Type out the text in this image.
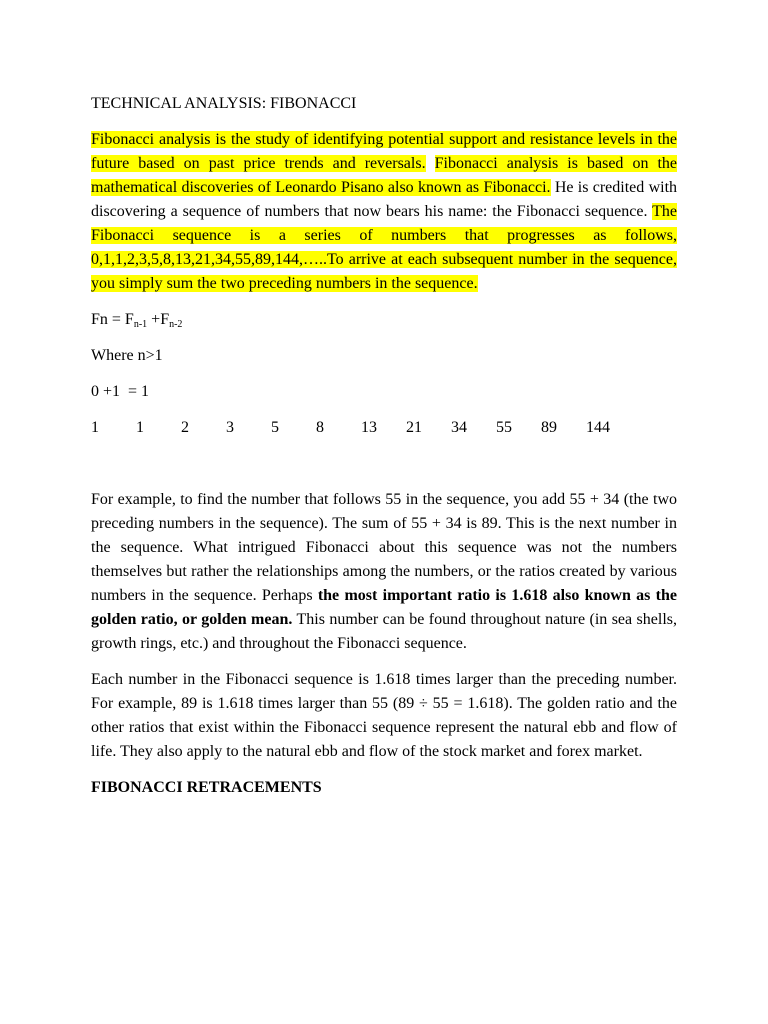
TECHNICAL ANALYSIS: FIBONACCI

Fibonacci analysis is the study of identifying potential support and resistance levels in the future based on past price trends and reversals. Fibonacci analysis is based on the mathematical discoveries of Leonardo Pisano also known as Fibonacci. He is credited with discovering a sequence of numbers that now bears his name: the Fibonacci sequence. The Fibonacci sequence is a series of numbers that progresses as follows, 0,1,1,2,3,5,8,13,21,34,55,89,144,…..To arrive at each subsequent number in the sequence, you simply sum the two preceding numbers in the sequence.

$Fn = F_{n-1} +F_{n-2}$
Where n>1
0 +1  = 1
1	1	2	3	5	8	13	21	34	55	89	144

For example, to find the number that follows 55 in the sequence, you add 55 + 34 (the two preceding numbers in the sequence). The sum of 55 + 34 is 89. This is the next number in the sequence. What intrigued Fibonacci about this sequence was not the numbers themselves but rather the relationships among the numbers, or the ratios created by various numbers in the sequence. Perhaps the most important ratio is 1.618 also known as the golden ratio, or golden mean. This number can be found throughout nature (in sea shells, growth rings, etc.) and throughout the Fibonacci sequence.

Each number in the Fibonacci sequence is 1.618 times larger than the preceding number. For example, 89 is 1.618 times larger than 55 (89 ÷ 55 = 1.618). The golden ratio and the other ratios that exist within the Fibonacci sequence represent the natural ebb and flow of life. They also apply to the natural ebb and flow of the stock market and forex market.

FIBONACCI RETRACEMENTS
